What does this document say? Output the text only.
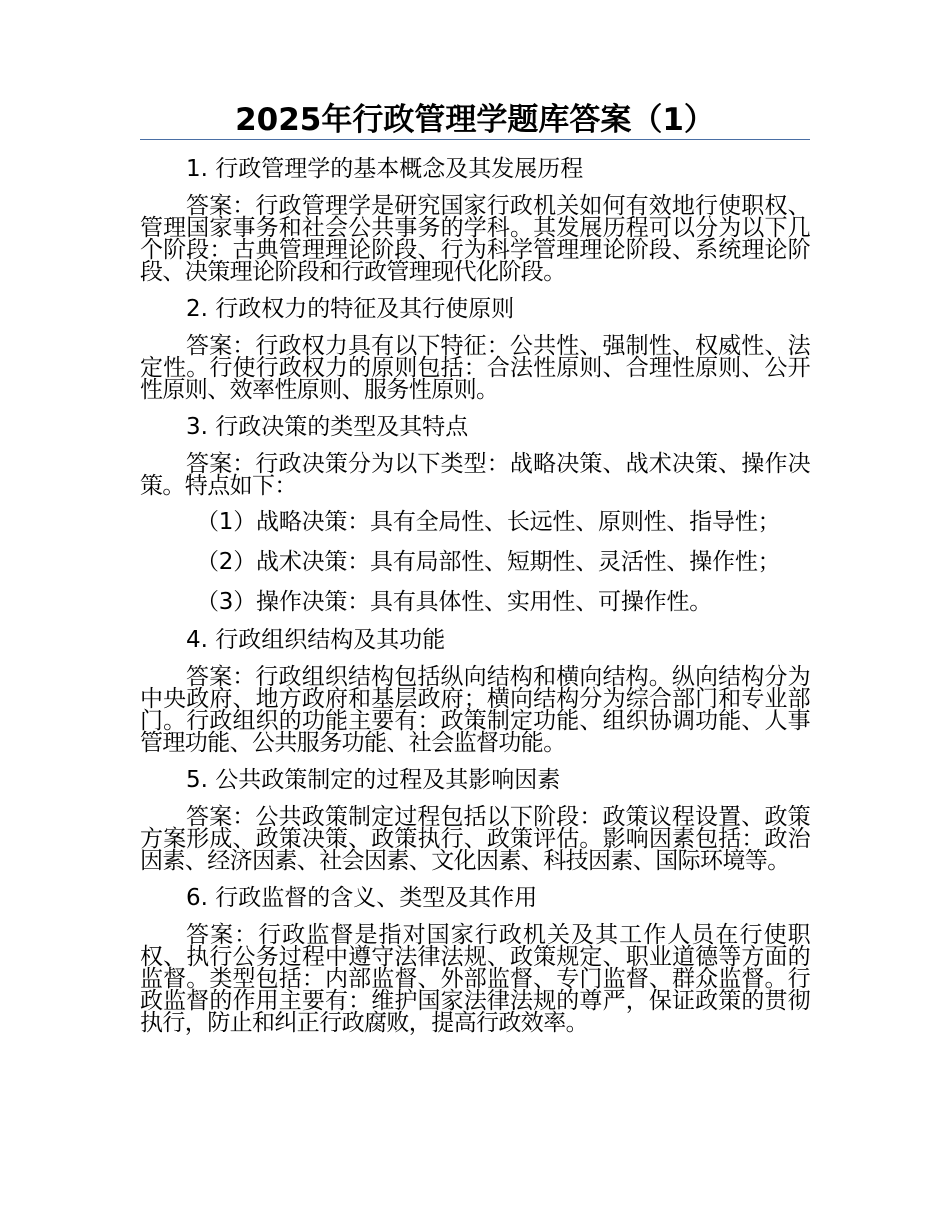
2025年行政管理学题库答案（1）

1. 行政管理学的基本概念及其发展历程

答案：行政管理学是研究国家行政机关如何有效地行使职权、管理国家事务和社会公共事务的学科。其发展历程可以分为以下几个阶段：古典管理理论阶段、行为科学管理理论阶段、系统理论阶段、决策理论阶段和行政管理现代化阶段。

2. 行政权力的特征及其行使原则

答案：行政权力具有以下特征：公共性、强制性、权威性、法定性。行使行政权力的原则包括：合法性原则、合理性原则、公开性原则、效率性原则、服务性原则。

3. 行政决策的类型及其特点

答案：行政决策分为以下类型：战略决策、战术决策、操作决策。特点如下：

（1）战略决策：具有全局性、长远性、原则性、指导性；

（2）战术决策：具有局部性、短期性、灵活性、操作性；

（3）操作决策：具有具体性、实用性、可操作性。

4. 行政组织结构及其功能

答案：行政组织结构包括纵向结构和横向结构。纵向结构分为中央政府、地方政府和基层政府；横向结构分为综合部门和专业部门。行政组织的功能主要有：政策制定功能、组织协调功能、人事管理功能、公共服务功能、社会监督功能。

5. 公共政策制定的过程及其影响因素

答案：公共政策制定过程包括以下阶段：政策议程设置、政策方案形成、政策决策、政策执行、政策评估。影响因素包括：政治因素、经济因素、社会因素、文化因素、科技因素、国际环境等。

6. 行政监督的含义、类型及其作用

答案：行政监督是指对国家行政机关及其工作人员在行使职权、执行公务过程中遵守法律法规、政策规定、职业道德等方面的监督。类型包括：内部监督、外部监督、专门监督、群众监督。行政监督的作用主要有：维护国家法律法规的尊严，保证政策的贯彻执行，防止和纠正行政腐败，提高行政效率。
